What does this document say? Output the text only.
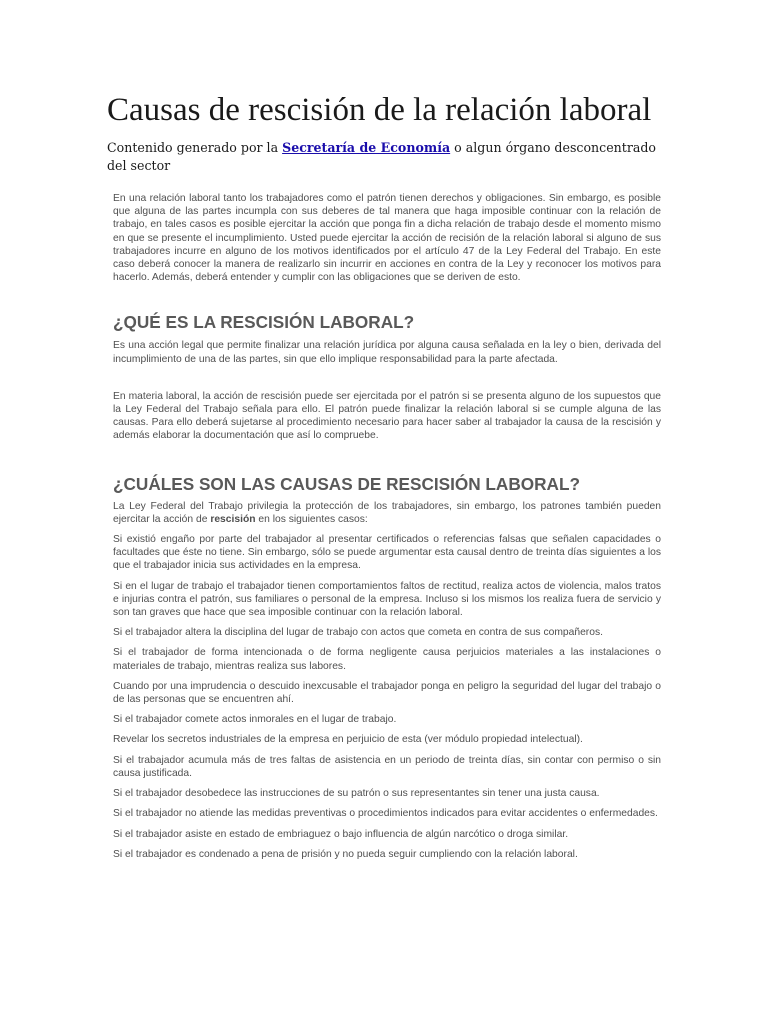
Causas de rescisión de la relación laboral

Contenido generado por la Secretaría de Economía o algun órgano desconcentrado del sector

En una relación laboral tanto los trabajadores como el patrón tienen derechos y obligaciones. Sin embargo, es posible que alguna de las partes incumpla con sus deberes de tal manera que haga imposible continuar con la relación de trabajo, en tales casos es posible ejercitar la acción que ponga fin a dicha relación de trabajo desde el momento mismo en que se presente el incumplimiento. Usted puede ejercitar la acción de recisión de la relación laboral si alguno de sus trabajadores incurre en alguno de los motivos identificados por el artículo 47 de la Ley Federal del Trabajo. En este caso deberá conocer la manera de realizarlo sin incurrir en acciones en contra de la Ley y reconocer los motivos para hacerlo. Además, deberá entender y cumplir con las obligaciones que se deriven de esto.

¿QUÉ ES LA RESCISIÓN LABORAL?

Es una acción legal que permite finalizar una relación jurídica por alguna causa señalada en la ley o bien, derivada del incumplimiento de una de las partes, sin que ello implique responsabilidad para la parte afectada.

En materia laboral, la acción de rescisión puede ser ejercitada por el patrón si se presenta alguno de los supuestos que la Ley Federal del Trabajo señala para ello. El patrón puede finalizar la relación laboral si se cumple alguna de las causas. Para ello deberá sujetarse al procedimiento necesario para hacer saber al trabajador la causa de la rescisión y además elaborar la documentación que así lo compruebe.

¿CUÁLES SON LAS CAUSAS DE RESCISIÓN LABORAL?

La Ley Federal del Trabajo privilegia la protección de los trabajadores, sin embargo, los patrones también pueden ejercitar la acción de rescisión en los siguientes casos:

Si existió engaño por parte del trabajador al presentar certificados o referencias falsas que señalen capacidades o facultades que éste no tiene. Sin embargo, sólo se puede argumentar esta causal dentro de treinta días siguientes a los que el trabajador inicia sus actividades en la empresa.

Si en el lugar de trabajo el trabajador tienen comportamientos faltos de rectitud, realiza actos de violencia, malos tratos e injurias contra el patrón, sus familiares o personal de la empresa. Incluso si los mismos los realiza fuera de servicio y son tan graves que hace que sea imposible continuar con la relación laboral.

Si el trabajador altera la disciplina del lugar de trabajo con actos que cometa en contra de sus compañeros.

Si el trabajador de forma intencionada o de forma negligente causa perjuicios materiales a las instalaciones o materiales de trabajo, mientras realiza sus labores.

Cuando por una imprudencia o descuido inexcusable el trabajador ponga en peligro la seguridad del lugar del trabajo o de las personas que se encuentren ahí.

Si el trabajador comete actos inmorales en el lugar de trabajo.

Revelar los secretos industriales de la empresa en perjuicio de esta (ver módulo propiedad intelectual).

Si el trabajador acumula más de tres faltas de asistencia en un periodo de treinta días, sin contar con permiso o sin causa justificada.

Si el trabajador desobedece las instrucciones de su patrón o sus representantes sin tener una justa causa.

Si el trabajador no atiende las medidas preventivas o procedimientos indicados para evitar accidentes o enfermedades.

Si el trabajador asiste en estado de embriaguez o bajo influencia de algún narcótico o droga similar.

Si el trabajador es condenado a pena de prisión y no pueda seguir cumpliendo con la relación laboral.
